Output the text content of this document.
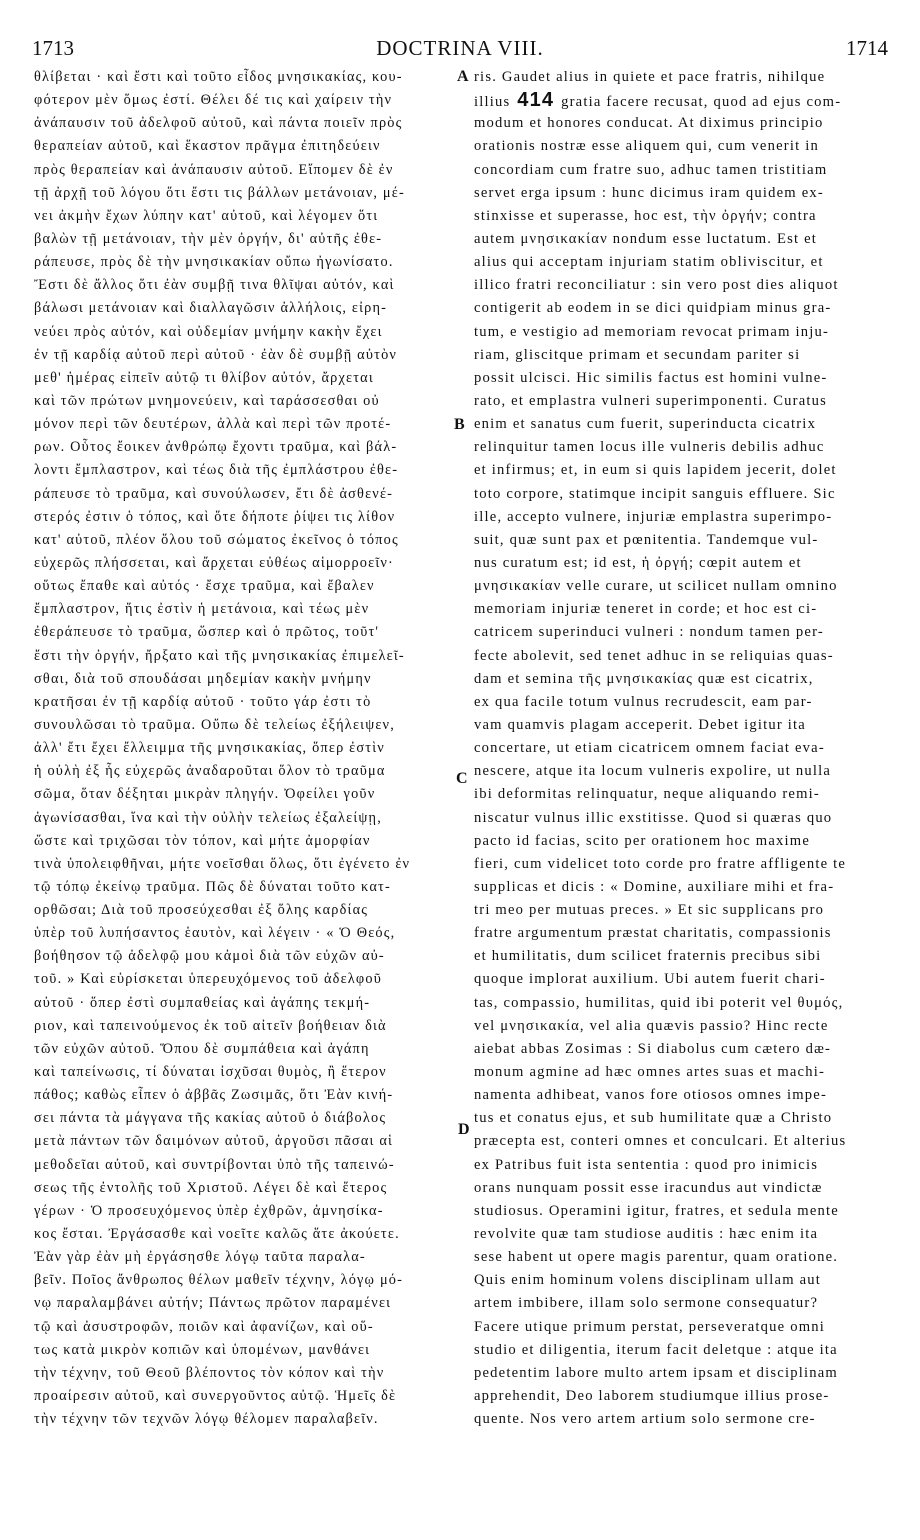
1713	DOCTRINA VIII.	1714
θλίβεται · καὶ ἔστι καὶ τοῦτο εἶδος μνησικακίας, κου-
φότερον μὲν ὅμως ἐστί. Θέλει δέ τις καὶ χαίρειν τὴν
ἀνάπαυσιν τοῦ ἀδελφοῦ αὐτοῦ, καὶ πάντα ποιεῖν πρὸς
θεραπείαν αὐτοῦ, καὶ ἕκαστον πρᾶγμα ἐπιτηδεύειν
πρὸς θεραπείαν καὶ ἀνάπαυσιν αὐτοῦ. Εἴπομεν δὲ ἐν
τῇ ἀρχῇ τοῦ λόγου ὅτι ἔστι τις βάλλων μετάνοιαν, μέ-
νει ἀκμὴν ἔχων λύπην κατ' αὐτοῦ, καὶ λέγομεν ὅτι
βαλὼν τῇ μετάνοιαν, τὴν μὲν ὀργήν, δι' αὐτῆς ἐθε-
ράπευσε, πρὸς δὲ τὴν μνησικακίαν οὔπω ἠγωνίσατο.
Ἔστι δὲ ἄλλος ὅτι ἐὰν συμβῇ τινα θλῖψαι αὐτόν, καὶ
βάλωσι μετάνοιαν καὶ διαλλαγῶσιν ἀλλήλοις, εἰρη-
νεύει πρὸς αὐτόν, καὶ οὐδεμίαν μνήμην κακὴν ἔχει
ἐν τῇ καρδίᾳ αὐτοῦ περὶ αὐτοῦ · ἐὰν δὲ συμβῇ αὐτὸν
μεθ' ἡμέρας εἰπεῖν αὐτῷ τι θλίβον αὐτόν, ἄρχεται
καὶ τῶν πρώτων μνημονεύειν, καὶ ταράσσεσθαι οὐ
μόνον περὶ τῶν δευτέρων, ἀλλὰ καὶ περὶ τῶν προτέ-
ρων. Οὗτος ἔοικεν ἀνθρώπῳ ἔχοντι τραῦμα, καὶ βάλ-
λοντι ἔμπλαστρον, καὶ τέως διὰ τῆς ἐμπλάστρου ἐθε-
ράπευσε τὸ τραῦμα, καὶ συνούλωσεν, ἔτι δὲ ἀσθενέ-
στερός ἐστιν ὁ τόπος, καὶ ὅτε δήποτε ῥίψει τις λίθον
κατ' αὐτοῦ, πλέον ὅλου τοῦ σώματος ἐκεῖνος ὁ τόπος
εὐχερῶς πλήσσεται, καὶ ἄρχεται εὐθέως αἱμορροεῖν·
οὕτως ἔπαθε καὶ αὐτός · ἔσχε τραῦμα, καὶ ἔβαλεν
ἔμπλαστρον, ἥτις ἐστὶν ἡ μετάνοια, καὶ τέως μὲν
ἐθεράπευσε τὸ τραῦμα, ὥσπερ καὶ ὁ πρῶτος, τοῦτ'
ἔστι τὴν ὀργήν, ἤρξατο καὶ τῆς μνησικακίας ἐπιμελεῖ-
σθαι, διὰ τοῦ σπουδάσαι μηδεμίαν κακὴν μνήμην
κρατῆσαι ἐν τῇ καρδίᾳ αὐτοῦ · τοῦτο γάρ ἐστι τὸ
συνουλῶσαι τὸ τραῦμα. Οὔπω δὲ τελείως ἐξήλειψεν,
ἀλλ' ἔτι ἔχει ἔλλειμμα τῆς μνησικακίας, ὅπερ ἐστὶν
ἡ οὐλὴ ἐξ ἧς εὐχερῶς ἀναδαροῦται ὅλον τὸ τραῦμα
σῶμα, ὅταν δέξηται μικρὰν πληγήν. Ὀφείλει γοῦν
ἀγωνίσασθαι, ἵνα καὶ τὴν οὐλὴν τελείως ἐξαλείψῃ,
ὥστε καὶ τριχῶσαι τὸν τόπον, καὶ μήτε ἀμορφίαν
τινὰ ὑπολειφθῆναι, μήτε νοεῖσθαι ὅλως, ὅτι ἐγένετο ἐν
τῷ τόπῳ ἐκείνῳ τραῦμα. Πῶς δὲ δύναται τοῦτο κατ-
ορθῶσαι; Διὰ τοῦ προσεύχεσθαι ἐξ ὅλης καρδίας
ὑπὲρ τοῦ λυπήσαντος ἑαυτὸν, καὶ λέγειν · « Ὁ Θεός,
βοήθησον τῷ ἀδελφῷ μου κἀμοὶ διὰ τῶν εὐχῶν αὐ-
τοῦ. » Καὶ εὑρίσκεται ὑπερευχόμενος τοῦ ἀδελφοῦ
αὐτοῦ · ὅπερ ἐστὶ συμπαθείας καὶ ἀγάπης τεκμή-
ριον, καὶ ταπεινούμενος ἐκ τοῦ αἰτεῖν βοήθειαν διὰ
τῶν εὐχῶν αὐτοῦ. Ὅπου δὲ συμπάθεια καὶ ἀγάπη
καὶ ταπείνωσις, τί δύναται ἰσχῦσαι θυμὸς, ἢ ἕτερον
πάθος; καθὼς εἶπεν ὁ ἀββᾶς Ζωσιμᾶς, ὅτι Ἐὰν κινή-
σει πάντα τὰ μάγγανα τῆς κακίας αὐτοῦ ὁ διάβολος
μετὰ πάντων τῶν δαιμόνων αὐτοῦ, ἀργοῦσι πᾶσαι αἱ
μεθοδεῖαι αὐτοῦ, καὶ συντρίβονται ὑπὸ τῆς ταπεινώ-
σεως τῆς ἐντολῆς τοῦ Χριστοῦ. Λέγει δὲ καὶ ἕτερος
γέρων · Ὁ προσευχόμενος ὑπὲρ ἐχθρῶν, ἀμνησίκα-
κος ἔσται. Ἐργάσασθε καὶ νοεῖτε καλῶς ἅτε ἀκούετε.
Ἐὰν γὰρ ἐὰν μὴ ἐργάσησθε λόγῳ ταῦτα παραλα-
βεῖν. Ποῖος ἄνθρωπος θέλων μαθεῖν τέχνην, λόγῳ μό-
νῳ παραλαμβάνει αὐτήν; Πάντως πρῶτον παραμένει
τῷ καὶ ἀσυστροφῶν, ποιῶν καὶ ἀφανίζων, καὶ οὕ-
τως κατὰ μικρὸν κοπιῶν καὶ ὑπομένων, μανθάνει
τὴν τέχνην, τοῦ Θεοῦ βλέποντος τὸν κόπον καὶ τὴν
προαίρεσιν αὐτοῦ, καὶ συνεργοῦντος αὐτῷ. Ἡμεῖς δὲ
τὴν τέχνην τῶν τεχνῶν λόγῳ θέλομεν παραλαβεῖν.
ris. Gaudet alius in quiete et pace fratris, nihilque
illius 414 gratia facere recusat, quod ad ejus com-
modum et honores conducat. At diximus principio
orationis nostræ esse aliquem qui, cum venerit in
concordiam cum fratre suo, adhuc tamen tristitiam
servet erga ipsum : hunc dicimus iram quidem ex-
stinxisse et superasse, hoc est, τὴν ὀργήν; contra
autem μνησικακίαν nondum esse luctatum. Est et
alius qui acceptam injuriam statim obliviscitur, et
illico fratri reconciliatur : sin vero post dies aliquot
contigerit ab eodem in se dici quidpiam minus gra-
tum, e vestigio ad memoriam revocat primam inju-
riam, gliscitque primam et secundam pariter si
possit ulcisci. Hic similis factus est homini vulne-
rato, et emplastra vulneri superimponenti. Curatus
enim et sanatus cum fuerit, superinducta cicatrix
relinquitur tamen locus ille vulneris debilis adhuc
et infirmus; et, in eum si quis lapidem jecerit, dolet
toto corpore, statimque incipit sanguis effluere. Sic
ille, accepto vulnere, injuriæ emplastra superimpo-
suit, quæ sunt pax et pœnitentia. Tandemque vul-
nus curatum est; id est, ἡ ὀργή; cœpit autem et
μνησικακίαν velle curare, ut scilicet nullam omnino
memoriam injuriæ teneret in corde; et hoc est ci-
catricem superinduci vulneri : nondum tamen per-
fecte abolevit, sed tenet adhuc in se reliquias quas-
dam et semina τῆς μνησικακίας quæ est cicatrix,
ex qua facile totum vulnus recrudescit, eam par-
vam quamvis plagam acceperit. Debet igitur ita
concertare, ut etiam cicatricem omnem faciat eva-
nescere, atque ita locum vulneris expolire, ut nulla
ibi deformitas relinquatur, neque aliquando remi-
niscatur vulnus illic exstitisse. Quod si quæras quo
pacto id facias, scito per orationem hoc maxime
fieri, cum videlicet toto corde pro fratre affligente te
supplicas et dicis : « Domine, auxiliare mihi et fra-
tri meo per mutuas preces. » Et sic supplicans pro
fratre argumentum præstat charitatis, compassionis
et humilitatis, dum scilicet fraternis precibus sibi
quoque implorat auxilium. Ubi autem fuerit chari-
tas, compassio, humilitas, quid ibi poterit vel θυμός,
vel μνησικακία, vel alia quævis passio? Hinc recte
aiebat abbas Zosimas : Si diabolus cum cætero dæ-
monum agmine ad hæc omnes artes suas et machi-
namenta adhibeat, vanos fore otiosos omnes impe-
tus et conatus ejus, et sub humilitate quæ a Christo
præcepta est, conteri omnes et conculcari. Et alterius
ex Patribus fuit ista sententia : quod pro inimicis
orans nunquam possit esse iracundus aut vindictæ
studiosus. Operamini igitur, fratres, et sedula mente
revolvite quæ tam studiose auditis : hæc enim ita
sese habent ut opere magis parentur, quam oratione.
Quis enim hominum volens disciplinam ullam aut
artem imbibere, illam solo sermone consequatur?
Facere utique primum perstat, perseveratque omni
studio et diligentia, iterum facit deletque : atque ita
pedetentim labore multo artem ipsam et disciplinam
apprehendit, Deo laborem studiumque illius prose-
quente. Nos vero artem artium solo sermone cre-
A
B
C
D
